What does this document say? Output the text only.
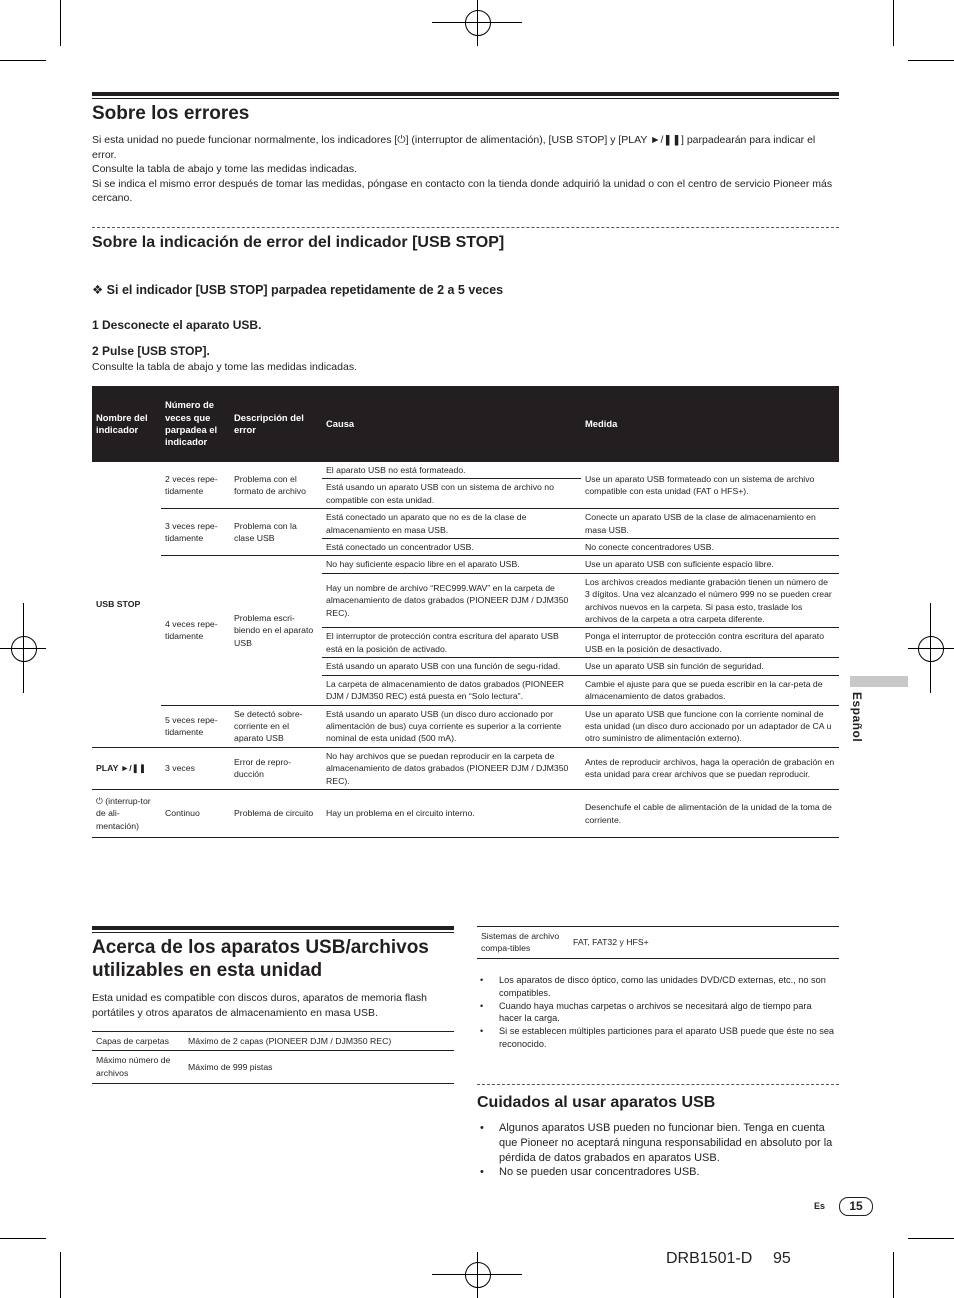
Sobre los errores

Si esta unidad no puede funcionar normalmente, los indicadores [⏻] (interruptor de alimentación), [USB STOP] y [PLAY ►/❚❚] parpadearán para indicar el error.

Consulte la tabla de abajo y tome las medidas indicadas.

Si se indica el mismo error después de tomar las medidas, póngase en contacto con la tienda donde adquirió la unidad o con el centro de servicio Pioneer más cercano.

Sobre la indicación de error del indicador [USB STOP]
❖ Si el indicador [USB STOP] parpadea repetidamente de 2 a 5 veces
1 Desconecte el aparato USB.
2 Pulse [USB STOP].
Consulte la tabla de abajo y tome las medidas indicadas.
Nombre del indicador	Número de veces que parpadea el indicador	Descripción del error	Causa	Medida
USB STOP	2 veces repe-tidamente	Problema con el formato de archivo	El aparato USB no está formateado.	Use un aparato USB formateado con un sistema de archivo compatible con esta unidad (FAT o HFS+).
			Está usando un aparato USB con un sistema de archivo no compatible con esta unidad.	
	3 veces repe-tidamente	Problema con la clase USB	Está conectado un aparato que no es de la clase de almacenamiento en masa USB.	Conecte un aparato USB de la clase de almacenamiento en masa USB.
			Está conectado un concentrador USB.	No conecte concentradores USB.
	4 veces repe-tidamente	Problema escri-biendo en el aparato USB	No hay suficiente espacio libre en el aparato USB.	Use un aparato USB con suficiente espacio libre.
			Hay un nombre de archivo “REC999.WAV” en la carpeta de almacenamiento de datos grabados (PIONEER DJM / DJM350 REC).	Los archivos creados mediante grabación tienen un número de 3 dígitos. Una vez alcanzado el número 999 no se pueden crear archivos nuevos en la carpeta. Si pasa esto, traslade los archivos de la carpeta a otra carpeta diferente.
			El interruptor de protección contra escritura del aparato USB está en la posición de activado.	Ponga el interruptor de protección contra escritura del aparato USB en la posición de desactivado.
			Está usando un aparato USB con una función de segu-ridad.	Use un aparato USB sin función de seguridad.
			La carpeta de almacenamiento de datos grabados (PIONEER DJM / DJM350 REC) está puesta en “Solo lectura”.	Cambie el ajuste para que se pueda escribir en la car-peta de almacenamiento de datos grabados.
	5 veces repe-tidamente	Se detectó sobre-corriente en el aparato USB	Está usando un aparato USB (un disco duro accionado por alimentación de bus) cuya corriente es superior a la corriente nominal de esta unidad (500 mA).	Use un aparato USB que funcione con la corriente nominal de esta unidad (un disco duro accionado por un adaptador de CA u otro suministro de alimentación externo).

PLAY ►/❚❚	3 veces	Error de repro-ducción	No hay archivos que se puedan reproducir en la carpeta de almacenamiento de datos grabados (PIONEER DJM / DJM350 REC).	Antes de reproducir archivos, haga la operación de grabación en esta unidad para crear archivos que se puedan reproducir.
⏻ (interrup-tor de ali-mentación)	Continuo	Problema de circuito	Hay un problema en el circuito interno.	Desenchufe el cable de alimentación de la unidad de la toma de corriente.
Acerca de los aparatos USB/archivos
utilizables en esta unidad
Esta unidad es compatible con discos duros, aparatos de memoria flash portátiles y otros aparatos de almacenamiento en masa USB.
Capas de carpetas	Máximo de 2 capas (PIONEER DJM / DJM350 REC)
Máximo número de archivos	Máximo de 999 pistas
Sistemas de archivo compa-tibles	FAT, FAT32 y HFS+
• Los aparatos de disco óptico, como las unidades DVD/CD externas, etc., no son compatibles.
• Cuando haya muchas carpetas o archivos se necesitará algo de tiempo para hacer la carga.
• Si se establecen múltiples particiones para el aparato USB puede que éste no sea reconocido.
Cuidados al usar aparatos USB
• Algunos aparatos USB pueden no funcionar bien. Tenga en cuenta que Pioneer no aceptará ninguna responsabilidad en absoluto por la pérdida de datos grabados en aparatos USB.
• No se pueden usar concentradores USB.
Español
Es	15
DRB1501-D 95
